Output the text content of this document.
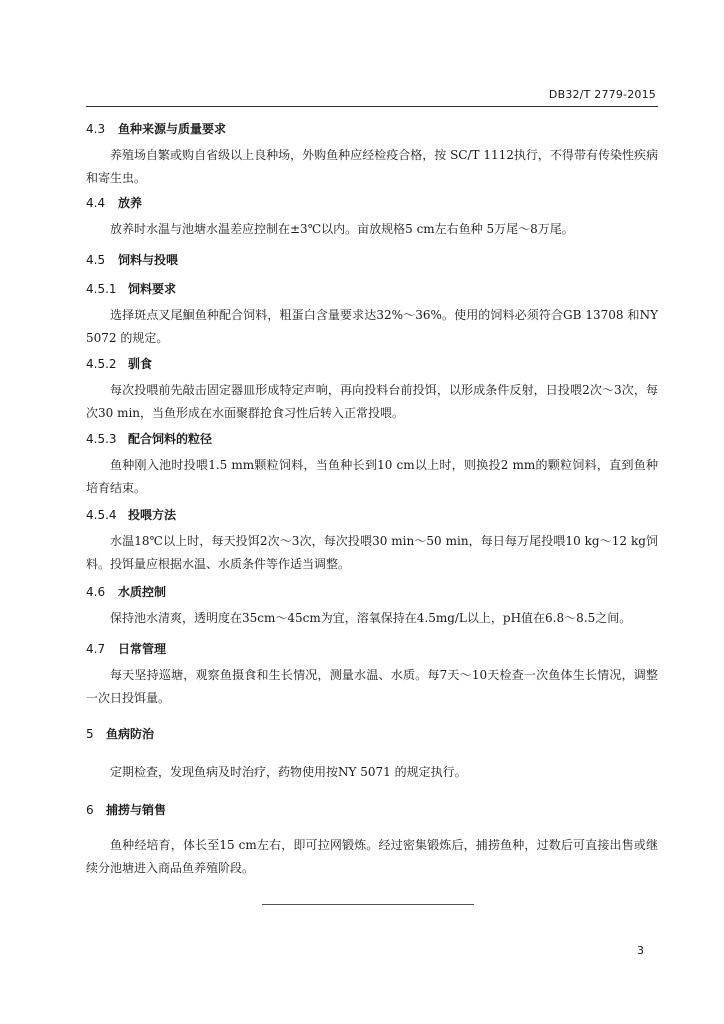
DB32/T 2779-2015
4.3 鱼种来源与质量要求
养殖场自繁或购自省级以上良种场，外购鱼种应经检疫合格，按 SC/T 1112执行，不得带有传染性疾病和寄生虫。
4.4 放养
放养时水温与池塘水温差应控制在±3℃以内。亩放规格5 cm左右鱼种 5万尾～8万尾。
4.5 饲料与投喂
4.5.1 饲料要求
选择斑点叉尾鮰鱼种配合饲料，粗蛋白含量要求达32%～36%。使用的饲料必须符合GB 13708 和NY 5072 的规定。
4.5.2 驯食
每次投喂前先敲击固定器皿形成特定声响，再向投料台前投饵，以形成条件反射，日投喂2次～3次，每次30 min，当鱼形成在水面聚群抢食习性后转入正常投喂。
4.5.3 配合饲料的粒径
鱼种刚入池时投喂1.5 mm颗粒饲料，当鱼种长到10 cm以上时，则换投2 mm的颗粒饲料，直到鱼种培育结束。
4.5.4 投喂方法
水温18℃以上时，每天投饵2次～3次，每次投喂30 min～50 min，每日每万尾投喂10 kg～12 kg饲料。投饵量应根据水温、水质条件等作适当调整。
4.6 水质控制
保持池水清爽，透明度在35cm～45cm为宜，溶氧保持在4.5mg/L以上，pH值在6.8～8.5之间。
4.7 日常管理
每天坚持巡塘，观察鱼摄食和生长情况，测量水温、水质。每7天～10天检查一次鱼体生长情况，调整一次日投饵量。
5 鱼病防治
定期检查，发现鱼病及时治疗，药物使用按NY 5071 的规定执行。
6 捕捞与销售
鱼种经培育，体长至15 cm左右，即可拉网锻炼。经过密集锻炼后，捕捞鱼种，过数后可直接出售或继续分池塘进入商品鱼养殖阶段。
3
